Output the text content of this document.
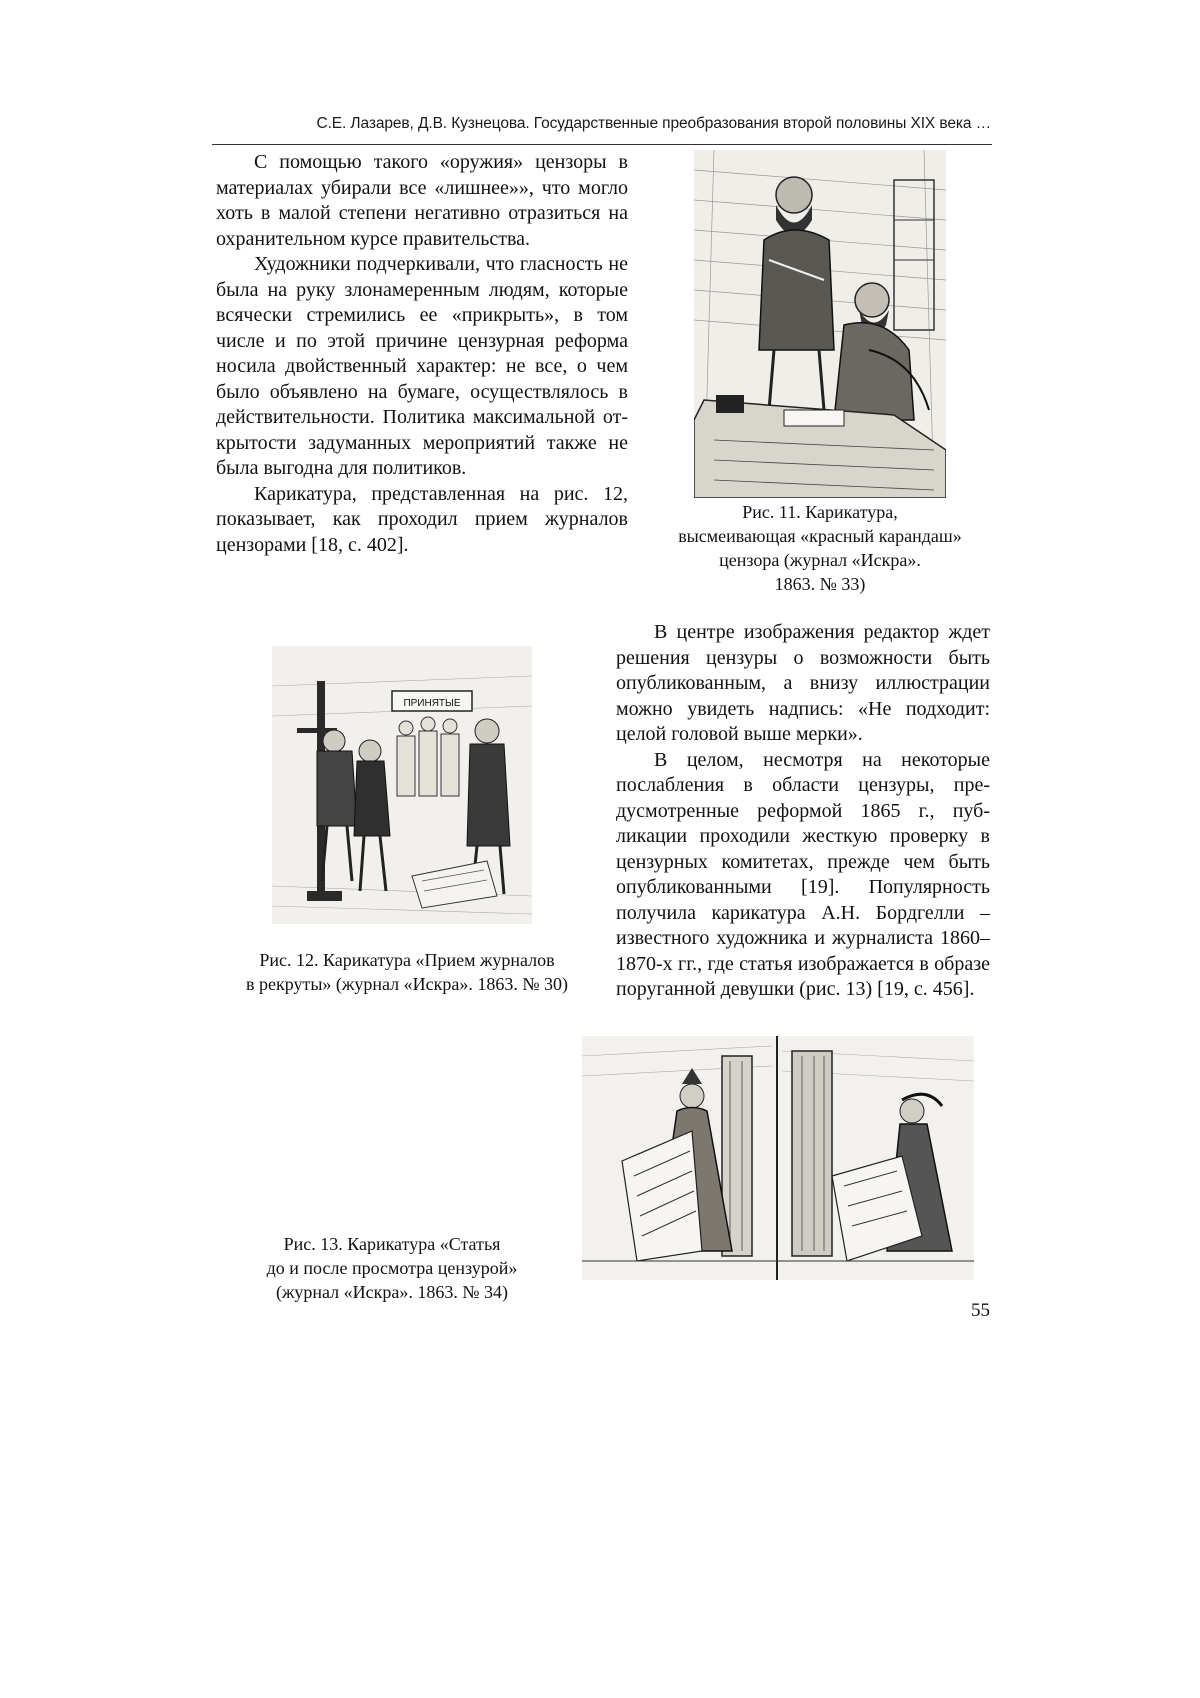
С.Е. Лазарев, Д.В. Кузнецова. Государственные преобразования второй половины XIX века …

С помощью такого «оружия» цензоры в материалах убирали все «лишнее»», что могло хоть в малой степени негативно отразиться на охранительном курсе правительства.

Художники подчеркивали, что гласность не была на руку злонамеренным людям, которые всячески стремились ее «прикрыть», в том числе и по этой причине цензурная реформа носила двойственный характер: не все, о чем было объявлено на бумаге, осуществлялось в действительности. Политика максимальной открытости задуманных мероприятий также не была выгодна для политиков.

Карикатура, представленная на рис. 12, показывает, как проходил прием журналов цензорами [18, с. 402].

Рис. 11. Карикатура,
высмеивающая «красный карандаш»
цензора (журнал «Искра».
1863. № 33)
ПРИНЯТЫЕ
Рис. 12. Карикатура «Прием журналов
в рекруты» (журнал «Искра». 1863. № 30)

В центре изображения редактор ждет решения цензуры о возможности быть опубликованным, а внизу иллюстрации можно увидеть надпись: «Не подходит: целой головой выше мерки».

В целом, несмотря на некоторые послабления в области цензуры, предусмотренные реформой 1865 г., публикации проходили жесткую проверку в цензурных комитетах, прежде чем быть опубликованными [19]. Популярность получила карикатура А.Н. Бордгелли – известного художника и журналиста 1860–1870-х гг., где статья изображается в образе поруганной девушки (рис. 13) [19, с. 456].

Рис. 13. Карикатура «Статья
до и после просмотра цензурой»
(журнал «Искра». 1863. № 34)
55
